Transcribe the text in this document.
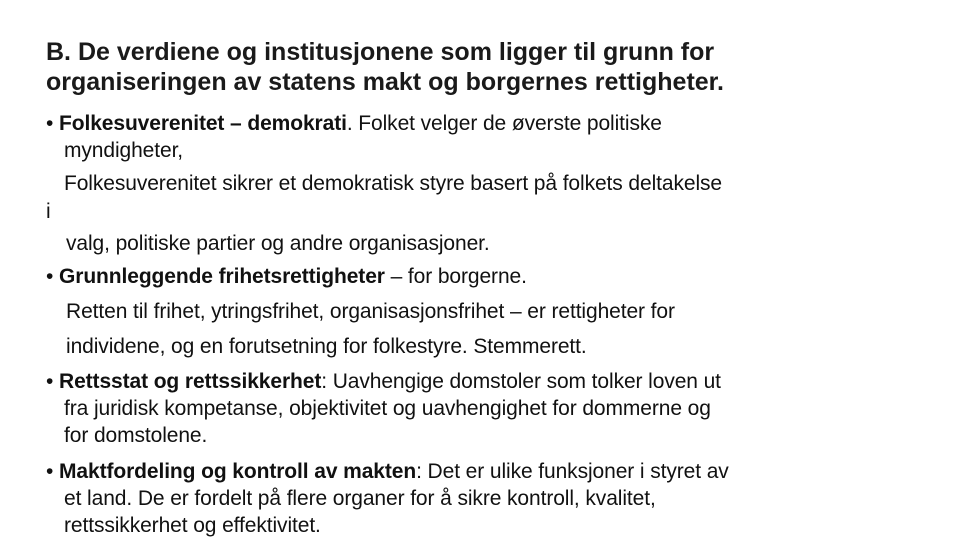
B. De verdiene og institusjonene som ligger til grunn for
organiseringen av statens makt og borgernes rettigheter.
• Folkesuverenitet – demokrati. Folket velger de øverste politiske
myndigheter,
Folkesuverenitet sikrer et demokratisk styre basert på folkets deltakelse
i
valg, politiske partier og andre organisasjoner.
• Grunnleggende frihetsrettigheter – for borgerne.
Retten til frihet, ytringsfrihet, organisasjonsfrihet – er rettigheter for
individene, og en forutsetning for folkestyre. Stemmerett.
• Rettsstat og rettssikkerhet: Uavhengige domstoler som tolker loven ut
fra juridisk kompetanse, objektivitet og uavhengighet for dommerne og
for domstolene.
• Maktfordeling og kontroll av makten: Det er ulike funksjoner i styret av
et land. De er fordelt på flere organer for å sikre kontroll, kvalitet,
rettssikkerhet og effektivitet.
